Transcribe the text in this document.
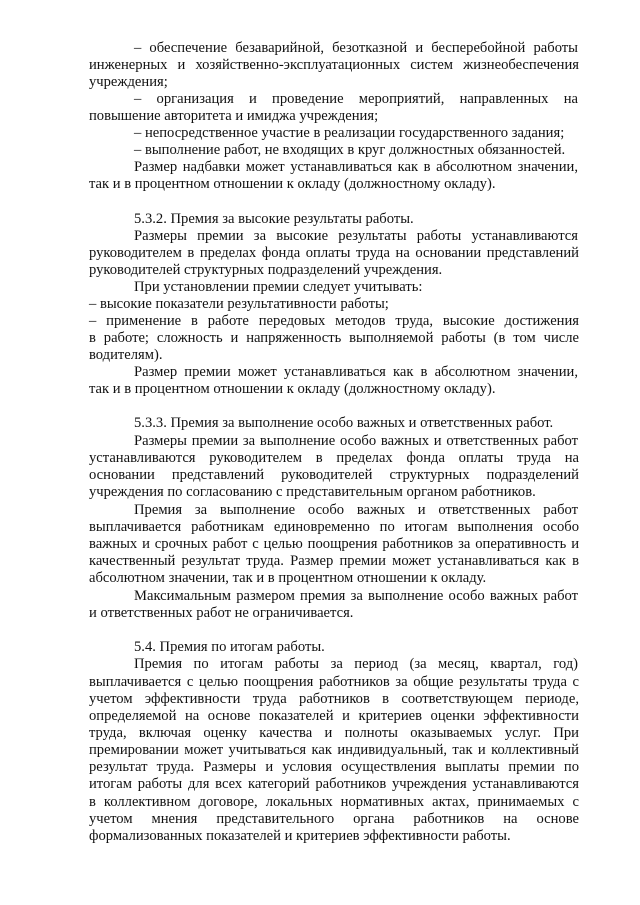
– обеспечение безаварийной, безотказной и бесперебойной работы
инженерных и хозяйственно-эксплуатационных систем жизнеобеспечения
учреждения;
– организация и проведение мероприятий, направленных на
повышение авторитета и имиджа учреждения;
– непосредственное участие в реализации государственного задания;
– выполнение работ, не входящих в круг должностных обязанностей.
Размер надбавки может устанавливаться как в абсолютном значении,
так и в процентном отношении к окладу (должностному окладу).
5.3.2. Премия за высокие результаты работы.
Размеры премии за высокие результаты работы устанавливаются
руководителем в пределах фонда оплаты труда на основании представлений
руководителей структурных подразделений учреждения.
При установлении премии следует учитывать:
– высокие показатели результативности работы;
– применение в работе передовых методов труда, высокие достижения
в работе; сложность и напряженность выполняемой работы (в том числе
водителям).
Размер премии может устанавливаться как в абсолютном значении,
так и в процентном отношении к окладу (должностному окладу).
5.3.3. Премия за выполнение особо важных и ответственных работ.
Размеры премии за выполнение особо важных и ответственных работ
устанавливаются руководителем в пределах фонда оплаты труда на
основании представлений руководителей структурных подразделений
учреждения по согласованию с представительным органом работников.
Премия за выполнение особо важных и ответственных работ
выплачивается работникам единовременно по итогам выполнения особо
важных и срочных работ с целью поощрения работников за оперативность и
качественный результат труда. Размер премии может устанавливаться как в
абсолютном значении, так и в процентном отношении к окладу.
Максимальным размером премия за выполнение особо важных работ
и ответственных работ не ограничивается.
5.4. Премия по итогам работы.
Премия по итогам работы за период (за месяц, квартал, год)
выплачивается с целью поощрения работников за общие результаты труда с
учетом эффективности труда работников в соответствующем периоде,
определяемой на основе показателей и критериев оценки эффективности
труда, включая оценку качества и полноты оказываемых услуг. При
премировании может учитываться как индивидуальный, так и коллективный
результат труда. Размеры и условия осуществления выплаты премии по
итогам работы для всех категорий работников учреждения устанавливаются
в коллективном договоре, локальных нормативных актах, принимаемых с
учетом мнения представительного органа работников на основе
формализованных показателей и критериев эффективности работы.
